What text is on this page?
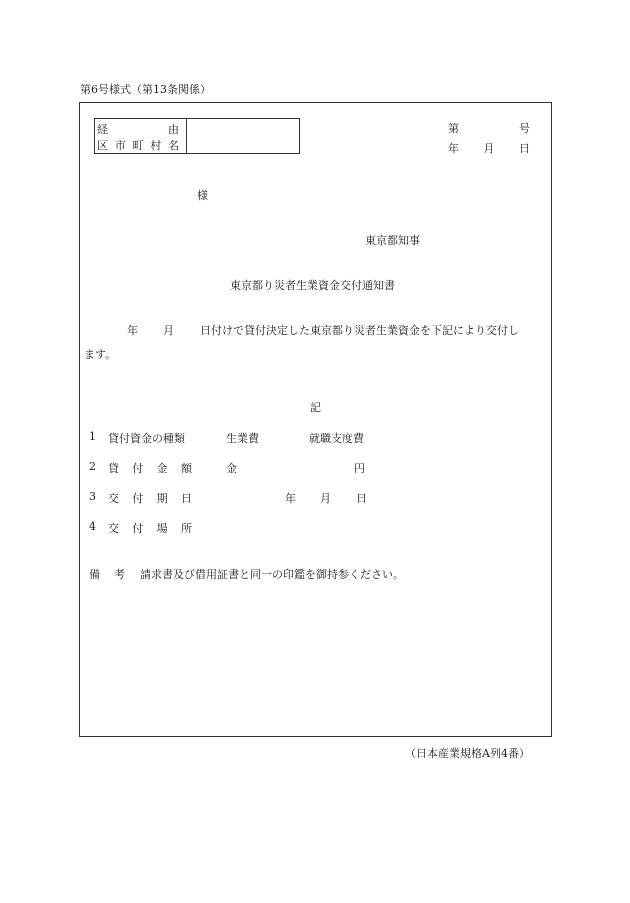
第6号様式（第13条関係）
経	由
区 市 町 村 名
第	号
年 月 日
様
東京都知事
東京都り災者生業資金交付通知書
年 月 日付けで貸付決定した東京都り災者生業資金を下記により交付し
ます。
記
1 貸付資金の種類	生業費	就職支度費
2 貸 付 金 額	金	円
3 交 付 期 日	年 月 日
4 交 付 場 所
備 考 請求書及び借用証書と同一の印鑑を御持参ください。
（日本産業規格A列4番）
